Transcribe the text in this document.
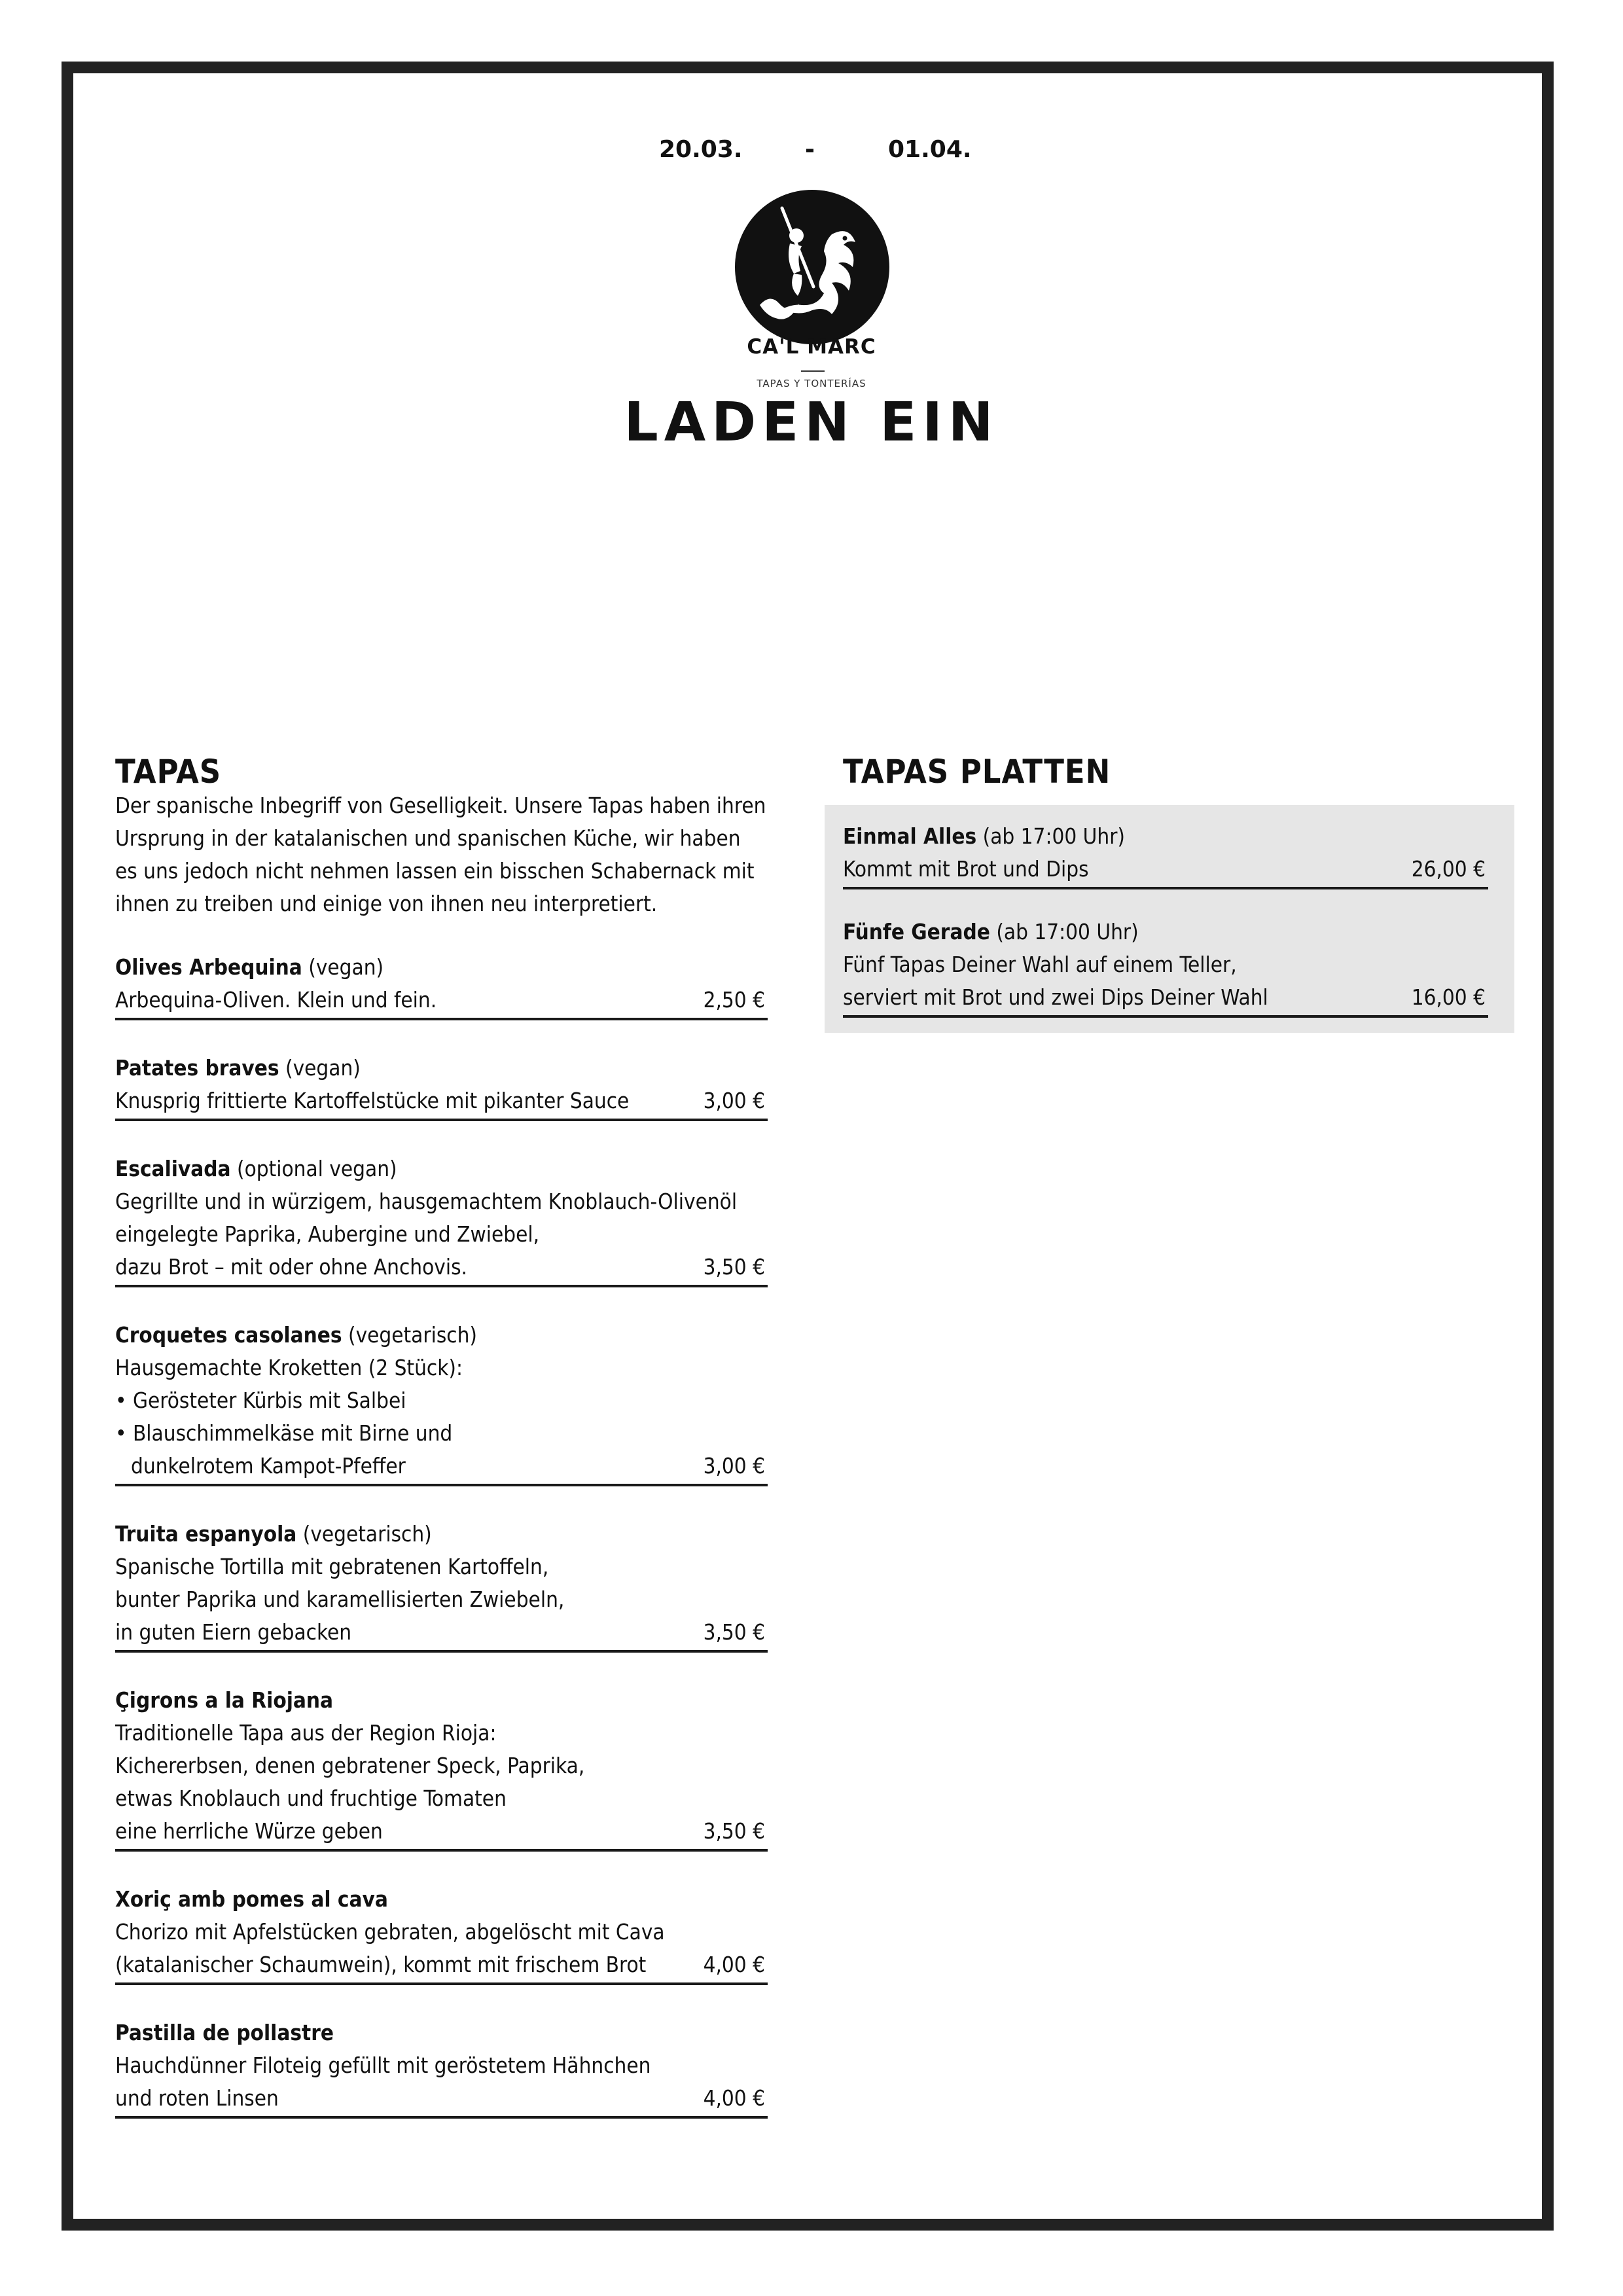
20.03.	-	01.04.
CA'L MARC
TAPAS Y TONTERÍAS
LADEN EIN
TAPAS
Der spanische Inbegriff von Geselligkeit. Unsere Tapas haben ihren
Ursprung in der katalanischen und spanischen Küche, wir haben
es uns jedoch nicht nehmen lassen ein bisschen Schabernack mit
ihnen zu treiben und einige von ihnen neu interpretiert.
Olives Arbequina (vegan)
Arbequina-Oliven. Klein und fein.	2,50 €
Patates braves (vegan)
Knusprig frittierte Kartoffelstücke mit pikanter Sauce	3,00 €
Escalivada (optional vegan)
Gegrillte und in würzigem, hausgemachtem Knoblauch-Olivenöl
eingelegte Paprika, Aubergine und Zwiebel,
dazu Brot – mit oder ohne Anchovis.	3,50 €
Croquetes casolanes (vegetarisch)
Hausgemachte Kroketten (2 Stück):
• Gerösteter Kürbis mit Salbei
• Blauschimmelkäse mit Birne und
dunkelrotem Kampot-Pfeffer	3,00 €
Truita espanyola (vegetarisch)
Spanische Tortilla mit gebratenen Kartoffeln,
bunter Paprika und karamellisierten Zwiebeln,
in guten Eiern gebacken	3,50 €
Çigrons a la Riojana
Traditionelle Tapa aus der Region Rioja:
Kichererbsen, denen gebratener Speck, Paprika,
etwas Knoblauch und fruchtige Tomaten
eine herrliche Würze geben	3,50 €
Xoriç amb pomes al cava
Chorizo mit Apfelstücken gebraten, abgelöscht mit Cava
(katalanischer Schaumwein), kommt mit frischem Brot	4,00 €
Pastilla de pollastre
Hauchdünner Filoteig gefüllt mit geröstetem Hähnchen
und roten Linsen	4,00 €
TAPAS PLATTEN
Einmal Alles (ab 17:00 Uhr)
Kommt mit Brot und Dips	26,00 €
Fünfe Gerade (ab 17:00 Uhr)
Fünf Tapas Deiner Wahl auf einem Teller,
serviert mit Brot und zwei Dips Deiner Wahl	16,00 €
